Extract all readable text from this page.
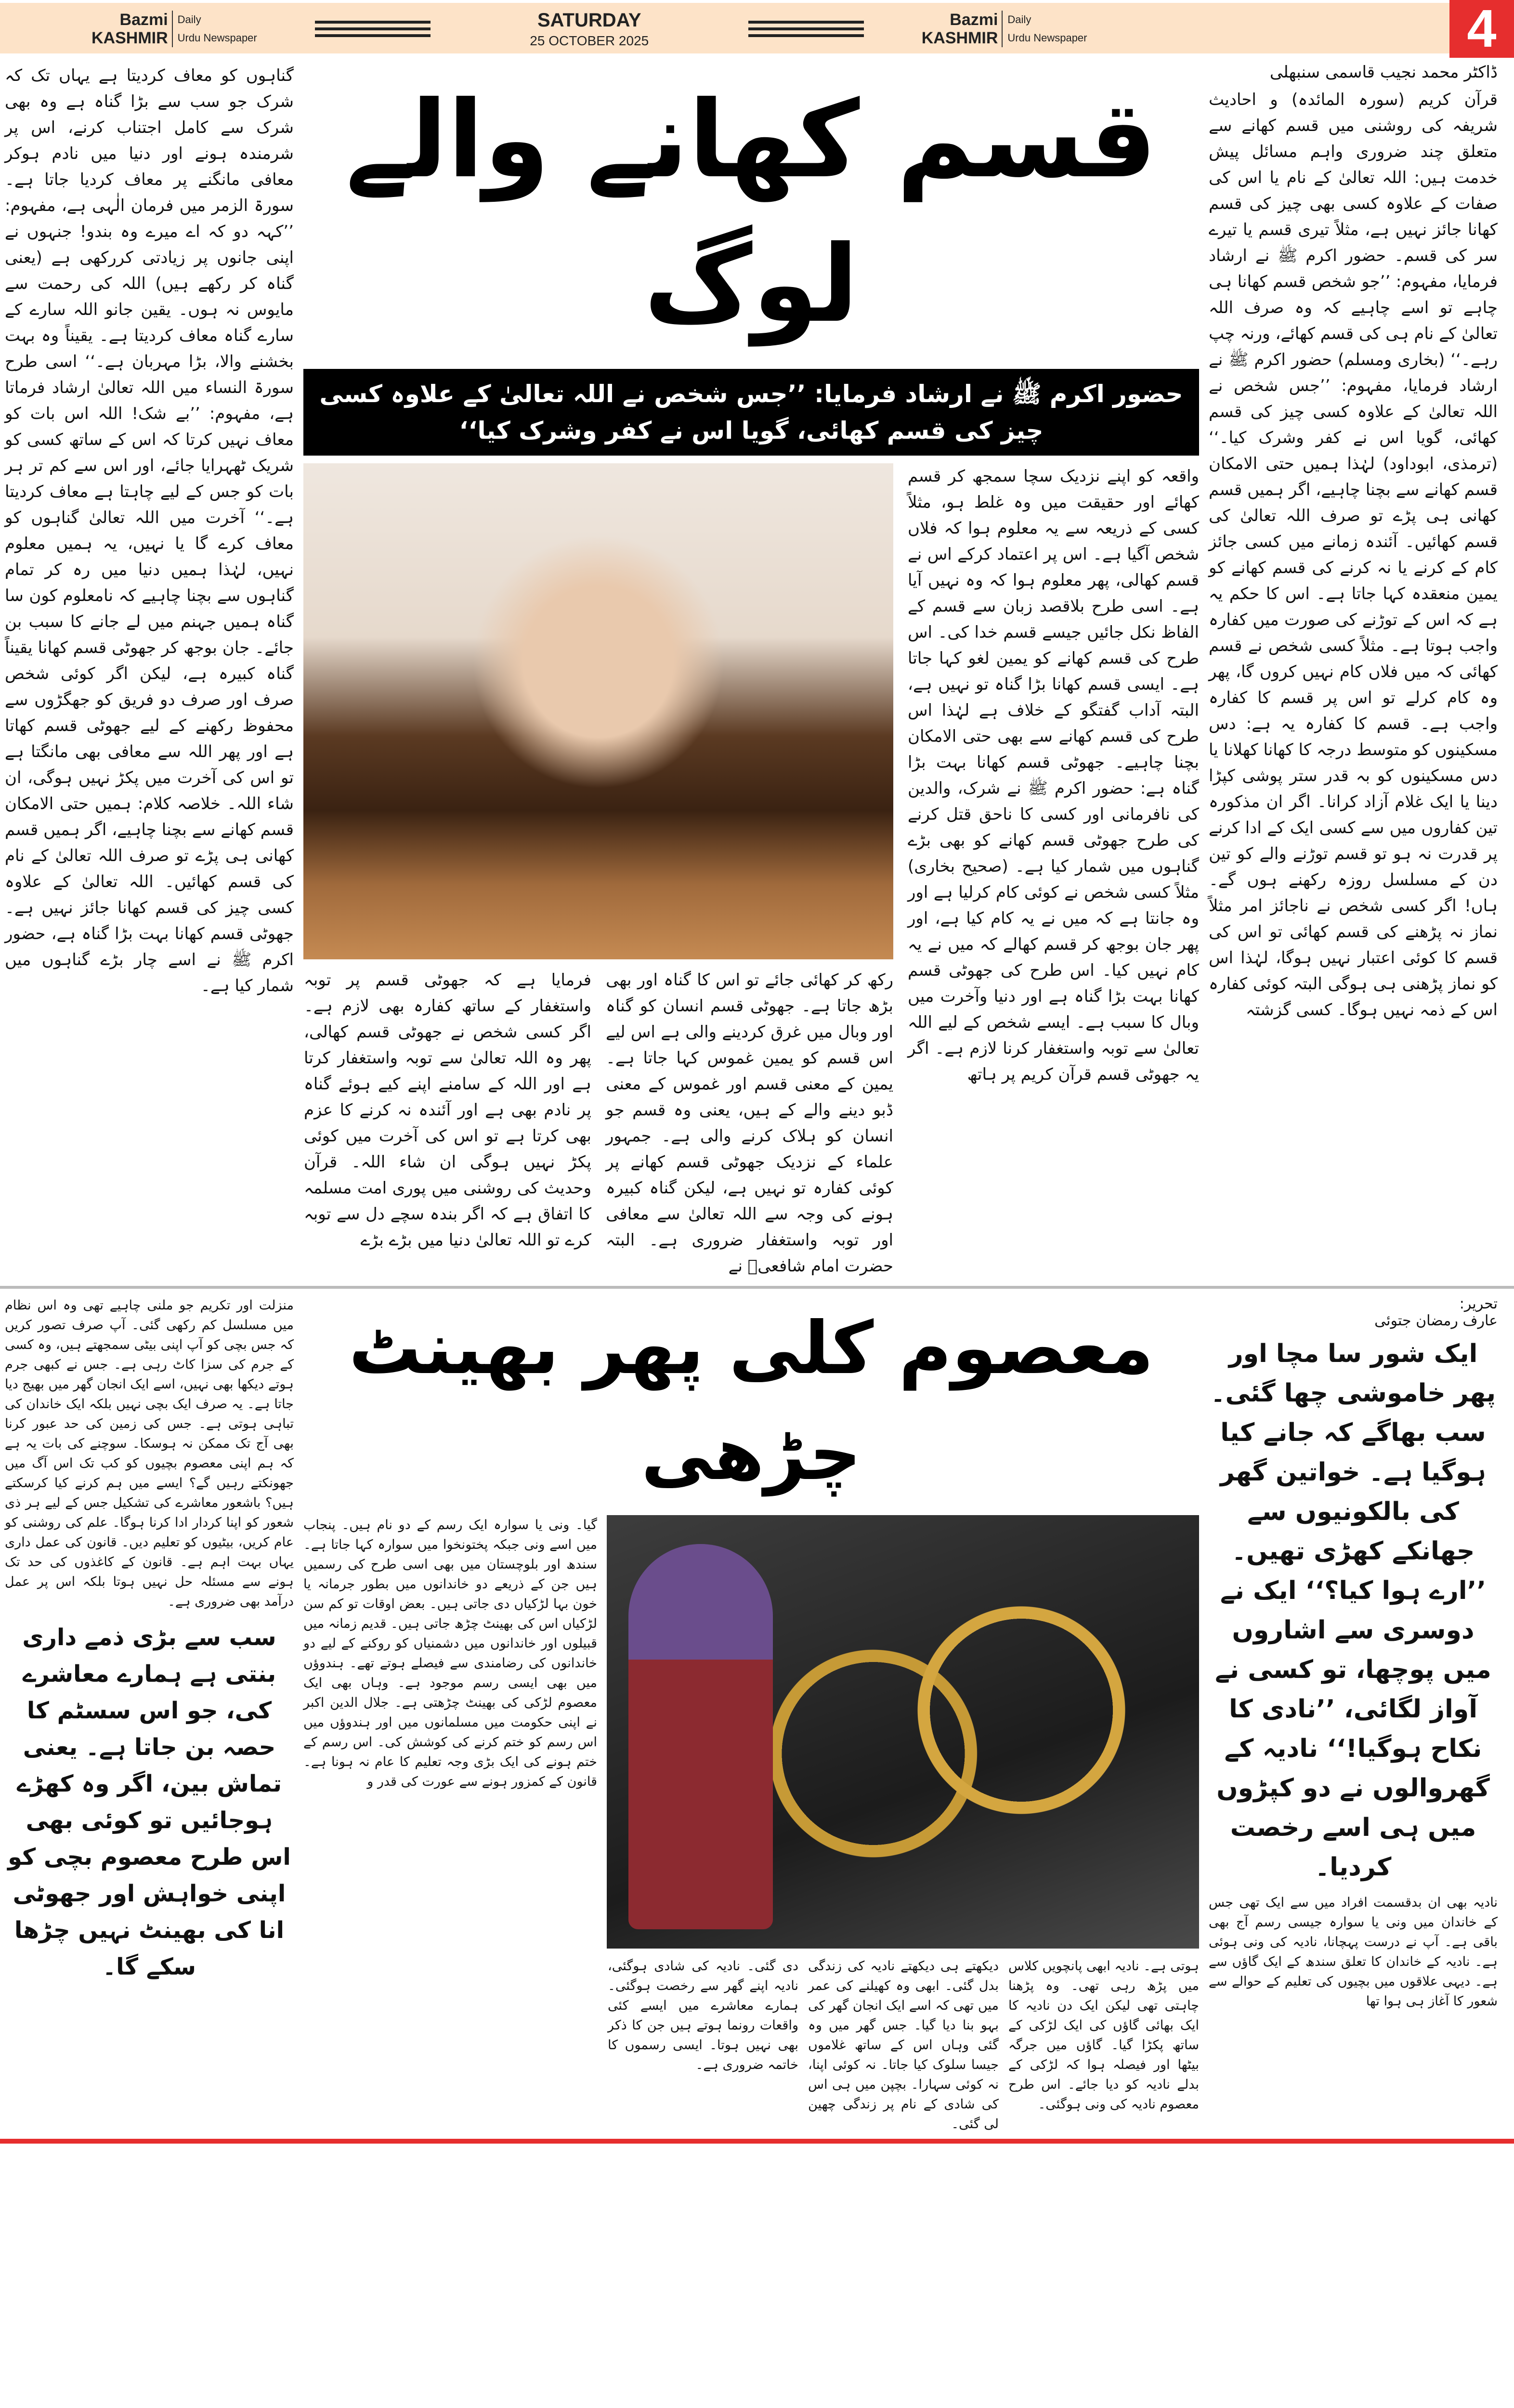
Bazmi
KASHMIR
Daily
Urdu Newspaper
SATURDAY
25 OCTOBER 2025
Bazmi
KASHMIR
Daily
Urdu Newspaper	4
گناہوں کو معاف کردیتا ہے یہاں تک کہ شرک جو سب سے بڑا گناہ ہے وہ بھی شرک سے کامل اجتناب کرنے، اس پر شرمندہ ہونے اور دنیا میں نادم ہوکر معافی مانگنے پر معاف کردیا جاتا ہے۔ سورۃ الزمر میں فرمان الٰہی ہے، مفہوم: ’’کہہ دو کہ اے میرے وہ بندو! جنہوں نے اپنی جانوں پر زیادتی کررکھی ہے (یعنی گناہ کر رکھے ہیں) اللہ کی رحمت سے مایوس نہ ہوں۔ یقین جانو اللہ سارے کے سارے گناہ معاف کردیتا ہے۔ یقیناً وہ بہت بخشنے والا، بڑا مہربان ہے۔‘‘ اسی طرح سورۃ النساء میں اللہ تعالیٰ ارشاد فرماتا ہے، مفہوم: ’’بے شک! اللہ اس بات کو معاف نہیں کرتا کہ اس کے ساتھ کسی کو شریک ٹھہرایا جائے، اور اس سے کم تر ہر بات کو جس کے لیے چاہتا ہے معاف کردیتا ہے۔‘‘ آخرت میں اللہ تعالیٰ گناہوں کو معاف کرے گا یا نہیں، یہ ہمیں معلوم نہیں، لہٰذا ہمیں دنیا میں رہ کر تمام گناہوں سے بچنا چاہیے کہ نامعلوم کون سا گناہ ہمیں جہنم میں لے جانے کا سبب بن جائے۔ جان بوجھ کر جھوٹی قسم کھانا یقیناً گناہ کبیرہ ہے، لیکن اگر کوئی شخص صرف اور صرف دو فریق کو جھگڑوں سے محفوظ رکھنے کے لیے جھوٹی قسم کھاتا ہے اور پھر اللہ سے معافی بھی مانگتا ہے تو اس کی آخرت میں پکڑ نہیں ہوگی، ان شاء اللہ۔ خلاصہ کلام: ہمیں حتی الامکان قسم کھانے سے بچنا چاہیے، اگر ہمیں قسم کھانی ہی پڑے تو صرف اللہ تعالیٰ کے نام کی قسم کھائیں۔ اللہ تعالیٰ کے علاوہ کسی چیز کی قسم کھانا جائز نہیں ہے۔ جھوٹی قسم کھانا بہت بڑا گناہ ہے، حضور اکرم ﷺ نے اسے چار بڑے گناہوں میں شمار کیا ہے۔
قسم کھانے والے لوگ
حضور اکرم ﷺ نے ارشاد فرمایا: ’’جس شخص نے اللہ تعالیٰ کے علاوہ کسی چیز کی قسم کھائی، گویا اس نے کفر وشرک کیا‘‘
واقعہ کو اپنے نزدیک سچا سمجھ کر قسم کھائے اور حقیقت میں وہ غلط ہو، مثلاً کسی کے ذریعہ سے یہ معلوم ہوا کہ فلاں شخص آگیا ہے۔ اس پر اعتماد کرکے اس نے قسم کھالی، پھر معلوم ہوا کہ وہ نہیں آیا ہے۔ اسی طرح بلاقصد زبان سے قسم کے الفاظ نکل جائیں جیسے قسم خدا کی۔ اس طرح کی قسم کھانے کو یمین لغو کہا جاتا ہے۔ ایسی قسم کھانا بڑا گناہ تو نہیں ہے، البتہ آداب گفتگو کے خلاف ہے لہٰذا اس طرح کی قسم کھانے سے بھی حتی الامکان بچنا چاہیے۔ جھوٹی قسم کھانا بہت بڑا گناہ ہے: حضور اکرم ﷺ نے شرک، والدین کی نافرمانی اور کسی کا ناحق قتل کرنے کی طرح جھوٹی قسم کھانے کو بھی بڑے گناہوں میں شمار کیا ہے۔ (صحیح بخاری) مثلاً کسی شخص نے کوئی کام کرلیا ہے اور وہ جانتا ہے کہ میں نے یہ کام کیا ہے، اور پھر جان بوجھ کر قسم کھالے کہ میں نے یہ کام نہیں کیا۔ اس طرح کی جھوٹی قسم کھانا بہت بڑا گناہ ہے اور دنیا وآخرت میں وبال کا سبب ہے۔ ایسے شخص کے لیے اللہ تعالیٰ سے توبہ واستغفار کرنا لازم ہے۔ اگر یہ جھوٹی قسم قرآن کریم پر ہاتھ
رکھ کر کھائی جائے تو اس کا گناہ اور بھی بڑھ جاتا ہے۔ جھوٹی قسم انسان کو گناہ اور وبال میں غرق کردینے والی ہے اس لیے اس قسم کو یمین غموس کہا جاتا ہے۔ یمین کے معنی قسم اور غموس کے معنی ڈبو دینے والے کے ہیں، یعنی وہ قسم جو انسان کو ہلاک کرنے والی ہے۔ جمہور علماء کے نزدیک جھوٹی قسم کھانے پر کوئی کفارہ تو نہیں ہے، لیکن گناہ کبیرہ ہونے کی وجہ سے اللہ تعالیٰ سے معافی اور توبہ واستغفار ضروری ہے۔ البتہ حضرت امام شافعیؒ نے
فرمایا ہے کہ جھوٹی قسم پر توبہ واستغفار کے ساتھ کفارہ بھی لازم ہے۔ اگر کسی شخص نے جھوٹی قسم کھالی، پھر وہ اللہ تعالیٰ سے توبہ واستغفار کرتا ہے اور اللہ کے سامنے اپنے کیے ہوئے گناہ پر نادم بھی ہے اور آئندہ نہ کرنے کا عزم بھی کرتا ہے تو اس کی آخرت میں کوئی پکڑ نہیں ہوگی ان شاء اللہ۔ قرآن وحدیث کی روشنی میں پوری امت مسلمہ کا اتفاق ہے کہ اگر بندہ سچے دل سے توبہ کرے تو اللہ تعالیٰ دنیا میں بڑے بڑے
ڈاکٹر محمد نجیب قاسمی سنبھلی
قرآن کریم (سورہ المائدہ) و احادیث شریفہ کی روشنی میں قسم کھانے سے متعلق چند ضروری واہم مسائل پیش خدمت ہیں: اللہ تعالیٰ کے نام یا اس کی صفات کے علاوہ کسی بھی چیز کی قسم کھانا جائز نہیں ہے، مثلاً تیری قسم یا تیرے سر کی قسم۔ حضور اکرم ﷺ نے ارشاد فرمایا، مفہوم: ’’جو شخص قسم کھانا ہی چاہے تو اسے چاہیے کہ وہ صرف اللہ تعالیٰ کے نام ہی کی قسم کھائے، ورنہ چپ رہے۔‘‘ (بخاری ومسلم) حضور اکرم ﷺ نے ارشاد فرمایا، مفہوم: ’’جس شخص نے اللہ تعالیٰ کے علاوہ کسی چیز کی قسم کھائی، گویا اس نے کفر وشرک کیا۔‘‘ (ترمذی، ابوداود) لہٰذا ہمیں حتی الامکان قسم کھانے سے بچنا چاہیے، اگر ہمیں قسم کھانی ہی پڑے تو صرف اللہ تعالیٰ کی قسم کھائیں۔ آئندہ زمانے میں کسی جائز کام کے کرنے یا نہ کرنے کی قسم کھانے کو یمین منعقدہ کہا جاتا ہے۔ اس کا حکم یہ ہے کہ اس کے توڑنے کی صورت میں کفارہ واجب ہوتا ہے۔ مثلاً کسی شخص نے قسم کھائی کہ میں فلاں کام نہیں کروں گا، پھر وہ کام کرلے تو اس پر قسم کا کفارہ واجب ہے۔ قسم کا کفارہ یہ ہے: دس مسکینوں کو متوسط درجہ کا کھانا کھلانا یا دس مسکینوں کو بہ قدر ستر پوشی کپڑا دینا یا ایک غلام آزاد کرانا۔ اگر ان مذکورہ تین کفاروں میں سے کسی ایک کے ادا کرنے پر قدرت نہ ہو تو قسم توڑنے والے کو تین دن کے مسلسل روزہ رکھنے ہوں گے۔ ہاں! اگر کسی شخص نے ناجائز امر مثلاً نماز نہ پڑھنے کی قسم کھائی تو اس کی قسم کا کوئی اعتبار نہیں ہوگا، لہٰذا اس کو نماز پڑھنی ہی ہوگی البتہ کوئی کفارہ اس کے ذمہ نہیں ہوگا۔ کسی گزشتہ
منزلت اور تکریم جو ملنی چاہیے تھی وہ اس نظام میں مسلسل کم رکھی گئی۔ آپ صرف تصور کریں کہ جس بچی کو آپ اپنی بیٹی سمجھتے ہیں، وہ کسی کے جرم کی سزا کاٹ رہی ہے۔ جس نے کبھی جرم ہوتے دیکھا بھی نہیں، اسے ایک انجان گھر میں بھیج دیا جاتا ہے۔ یہ صرف ایک بچی نہیں بلکہ ایک خاندان کی تباہی ہوتی ہے۔ جس کی زمین کی حد عبور کرنا بھی آج تک ممکن نہ ہوسکا۔ سوچنے کی بات یہ ہے کہ ہم اپنی معصوم بچیوں کو کب تک اس آگ میں جھونکتے رہیں گے؟ ایسے میں ہم کرنے کیا کرسکتے ہیں؟ باشعور معاشرے کی تشکیل جس کے لیے ہر ذی شعور کو اپنا کردار ادا کرنا ہوگا۔ علم کی روشنی کو عام کریں، بیٹیوں کو تعلیم دیں۔ قانون کی عمل داری یہاں بہت اہم ہے۔ قانون کے کاغذوں کی حد تک ہونے سے مسئلہ حل نہیں ہوتا بلکہ اس پر عمل درآمد بھی ضروری ہے۔
سب سے بڑی ذمے داری بنتی ہے ہمارے معاشرے کی، جو اس سسٹم کا حصہ بن جاتا ہے۔ یعنی تماش بین، اگر وہ کھڑے ہوجائیں تو کوئی بھی اس طرح معصوم بچی کو اپنی خواہش اور جھوٹی انا کی بھینٹ نہیں چڑھا سکے گا۔
معصوم کلی پھر بھینٹ چڑھی
ہوتی ہے۔ نادیہ ابھی پانچویں کلاس میں پڑھ رہی تھی۔ وہ پڑھنا چاہتی تھی لیکن ایک دن نادیہ کا ایک بھائی گاؤں کی ایک لڑکی کے ساتھ پکڑا گیا۔ گاؤں میں جرگہ بیٹھا اور فیصلہ ہوا کہ لڑکی کے بدلے نادیہ کو دیا جائے۔ اس طرح معصوم نادیہ کی ونی ہوگئی۔
دیکھتے ہی دیکھتے نادیہ کی زندگی بدل گئی۔ ابھی وہ کھیلنے کی عمر میں تھی کہ اسے ایک انجان گھر کی بہو بنا دیا گیا۔ جس گھر میں وہ گئی وہاں اس کے ساتھ غلاموں جیسا سلوک کیا جاتا۔ نہ کوئی اپنا، نہ کوئی سہارا۔ بچپن میں ہی اس کی شادی کے نام پر زندگی چھین لی گئی۔
دی گئی۔ نادیہ کی شادی ہوگئی، نادیہ اپنے گھر سے رخصت ہوگئی۔ ہمارے معاشرے میں ایسے کئی واقعات رونما ہوتے ہیں جن کا ذکر بھی نہیں ہوتا۔ ایسی رسموں کا خاتمہ ضروری ہے۔
گیا۔ ونی یا سوارہ ایک رسم کے دو نام ہیں۔ پنجاب میں اسے ونی جبکہ پختونخوا میں سوارہ کہا جاتا ہے۔ سندھ اور بلوچستان میں بھی اسی طرح کی رسمیں ہیں جن کے ذریعے دو خاندانوں میں بطور جرمانہ یا خون بہا لڑکیاں دی جاتی ہیں۔ بعض اوقات تو کم سن لڑکیاں اس کی بھینٹ چڑھ جاتی ہیں۔ قدیم زمانہ میں قبیلوں اور خاندانوں میں دشمنیاں کو روکنے کے لیے دو خاندانوں کی رضامندی سے فیصلے ہوتے تھے۔ ہندوؤں میں بھی ایسی رسم موجود ہے۔ وہاں بھی ایک معصوم لڑکی کی بھینٹ چڑھتی ہے۔ جلال الدین اکبر نے اپنی حکومت میں مسلمانوں میں اور ہندوؤں میں اس رسم کو ختم کرنے کی کوشش کی۔ اس رسم کے ختم ہونے کی ایک بڑی وجہ تعلیم کا عام نہ ہونا ہے۔ قانون کے کمزور ہونے سے عورت کی قدر و
تحریر:
عارف رمضان جتوئی
ایک شور سا مچا اور پھر خاموشی چھا گئی۔ سب بھاگے کہ جانے کیا ہوگیا ہے۔ خواتین گھر کی بالکونیوں سے جھانکے کھڑی تھیں۔ ’’ارے ہوا کیا؟‘‘ ایک نے دوسری سے اشاروں میں پوچھا، تو کسی نے آواز لگائی، ’’نادی کا نکاح ہوگیا!‘‘ نادیہ کے گھروالوں نے دو کپڑوں میں ہی اسے رخصت کردیا۔
نادیہ بھی ان بدقسمت افراد میں سے ایک تھی جس کے خاندان میں ونی یا سوارہ جیسی رسم آج بھی باقی ہے۔ آپ نے درست پہچانا، نادیہ کی ونی ہوئی ہے۔ نادیہ کے خاندان کا تعلق سندھ کے ایک گاؤں سے ہے۔ دیہی علاقوں میں بچیوں کی تعلیم کے حوالے سے شعور کا آغاز ہی ہوا تھا
